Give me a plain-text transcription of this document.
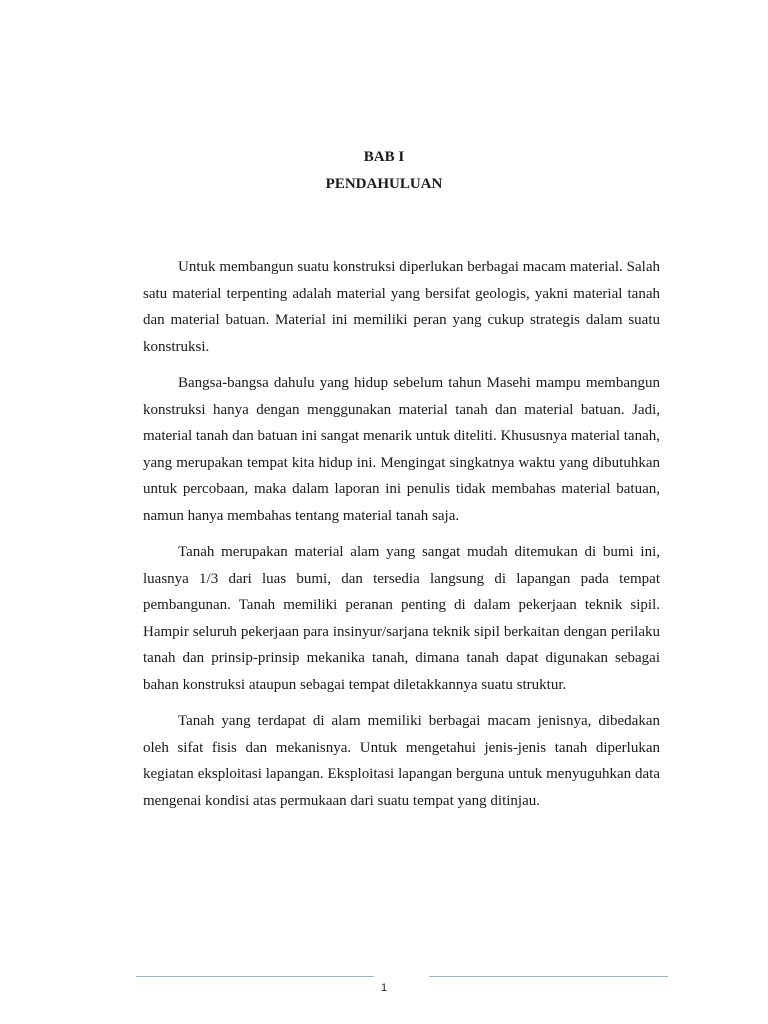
BAB I
PENDAHULUAN

Untuk membangun suatu konstruksi diperlukan berbagai macam material. Salah satu material terpenting adalah material yang bersifat geologis, yakni material tanah dan material batuan. Material ini memiliki peran yang cukup strategis dalam suatu konstruksi.

Bangsa-bangsa dahulu yang hidup sebelum tahun Masehi mampu membangun konstruksi hanya dengan menggunakan material tanah dan material batuan. Jadi, material tanah dan batuan ini sangat menarik untuk diteliti. Khususnya material tanah, yang merupakan tempat kita hidup ini. Mengingat singkatnya waktu yang dibutuhkan untuk percobaan, maka dalam laporan ini penulis tidak membahas material batuan, namun hanya membahas tentang material tanah saja.

Tanah merupakan material alam yang sangat mudah ditemukan di bumi ini, luasnya 1/3 dari luas bumi, dan tersedia langsung di lapangan pada tempat pembangunan. Tanah memiliki peranan penting di dalam pekerjaan teknik sipil. Hampir seluruh pekerjaan para insinyur/sarjana teknik sipil berkaitan dengan perilaku tanah dan prinsip-prinsip mekanika tanah, dimana tanah dapat digunakan sebagai bahan konstruksi ataupun sebagai tempat diletakkannya suatu struktur.

Tanah yang terdapat di alam memiliki berbagai macam jenisnya, dibedakan oleh sifat fisis dan mekanisnya. Untuk mengetahui jenis-jenis tanah diperlukan kegiatan eksploitasi lapangan. Eksploitasi lapangan berguna untuk menyuguhkan data mengenai kondisi atas permukaan dari suatu tempat yang ditinjau.

1
